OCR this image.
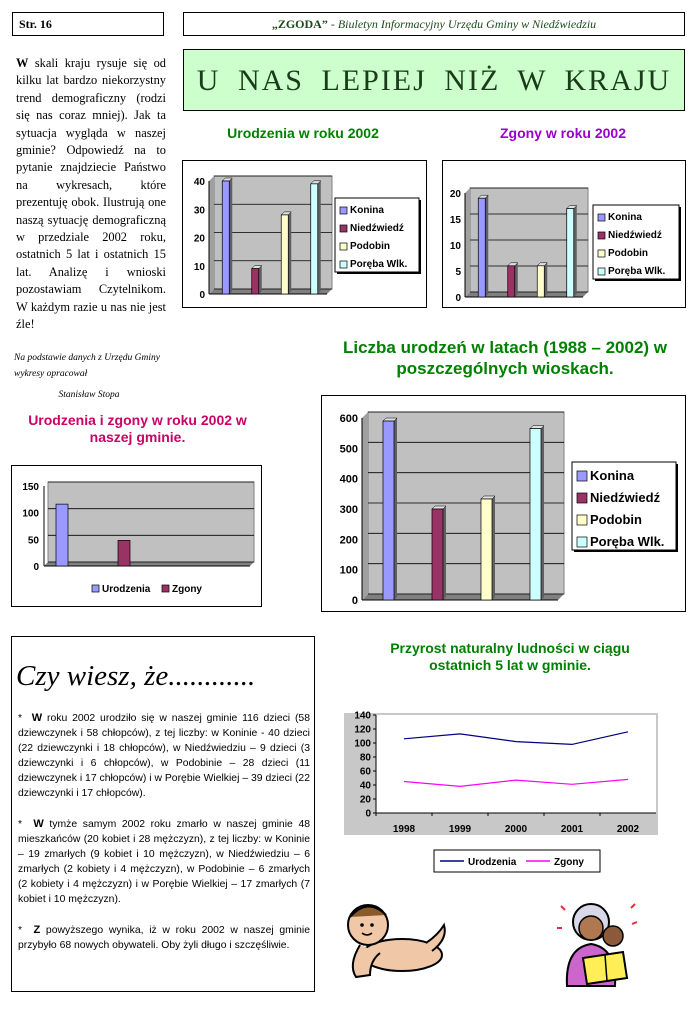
Str. 16	„ZGODA” - Biuletyn Informacyjny Urzędu Gminy w Niedźwiedziu
U NAS LEPIEJ NIŻ W KRAJU
W skali kraju rysuje się od kilku lat bardzo niekorzystny trend demograficzny (rodzi się nas coraz mniej). Jak ta sytuacja wygląda w naszej gminie? Odpowiedź na to pytanie znajdziecie Państwo na wykresach, które prezentuję obok. Ilustrują one naszą sytuację demograficzną w przedziale 2002 roku, ostatnich 5 lat i ostatnich 15 lat. Analizę i wnioski pozostawiam Czytelnikom. W każdym razie u nas nie jest źle!
Na podstawie danych z Urzędu Gminy wykresy opracował
Stanisław Stopa
Urodzenia w roku 2002	Zgony w roku 2002
Liczba urodzeń w latach (1988 – 2002) w poszczególnych wioskach.
Urodzenia i zgony w roku 2002 w naszej gminie.
Przyrost naturalny ludności w ciągu ostatnich 5 lat w gminie.
0
10
20
30
40
Konina
Niedźwiedź
Podobin
Poręba Wlk.
0
5
10
15
20
Konina
Niedźwiedź
Podobin
Poręba Wlk.
0
100
200
300
400
500
600
Konina
Niedźwiedź
Podobin
Poręba Wlk.
0
50
100
150
Urodzenia Zgony
0
20
40
60
80
100
120
140
1998	1999	2000	2001	2002
Urodzenia	Zgony
Czy wiesz, że............
* W roku 2002 urodziło się w naszej gminie 116 dzieci (58 dziewczynek i 58 chłopców), z tej liczby: w Koninie - 40 dzieci (22 dziewczynki i 18 chłopców), w Niedźwiedziu – 9 dzieci (3 dziewczynki i 6 chłopców), w Podobinie – 28 dzieci (11 dziewczynek i 17 chłopców) i w Porębie Wielkiej – 39 dzieci (22 dziewczynki i 17 chłopców).
* W tymże samym 2002 roku zmarło w naszej gminie 48 mieszkańców (20 kobiet i 28 mężczyzn), z tej liczby: w Koninie – 19 zmarłych (9 kobiet i 10 mężczyzn), w Niedźwiedziu – 6 zmarłych (2 kobiety i 4 mężczyzn), w Podobinie – 6 zmarłych (2 kobiety i 4 mężczyzn) i w Porębie Wielkiej – 17 zmarłych (7 kobiet i 10 mężczyzn).
* Z powyższego wynika, iż w roku 2002 w naszej gminie przybyło 68 nowych obywateli. Oby żyli długo i szczęśliwie.
